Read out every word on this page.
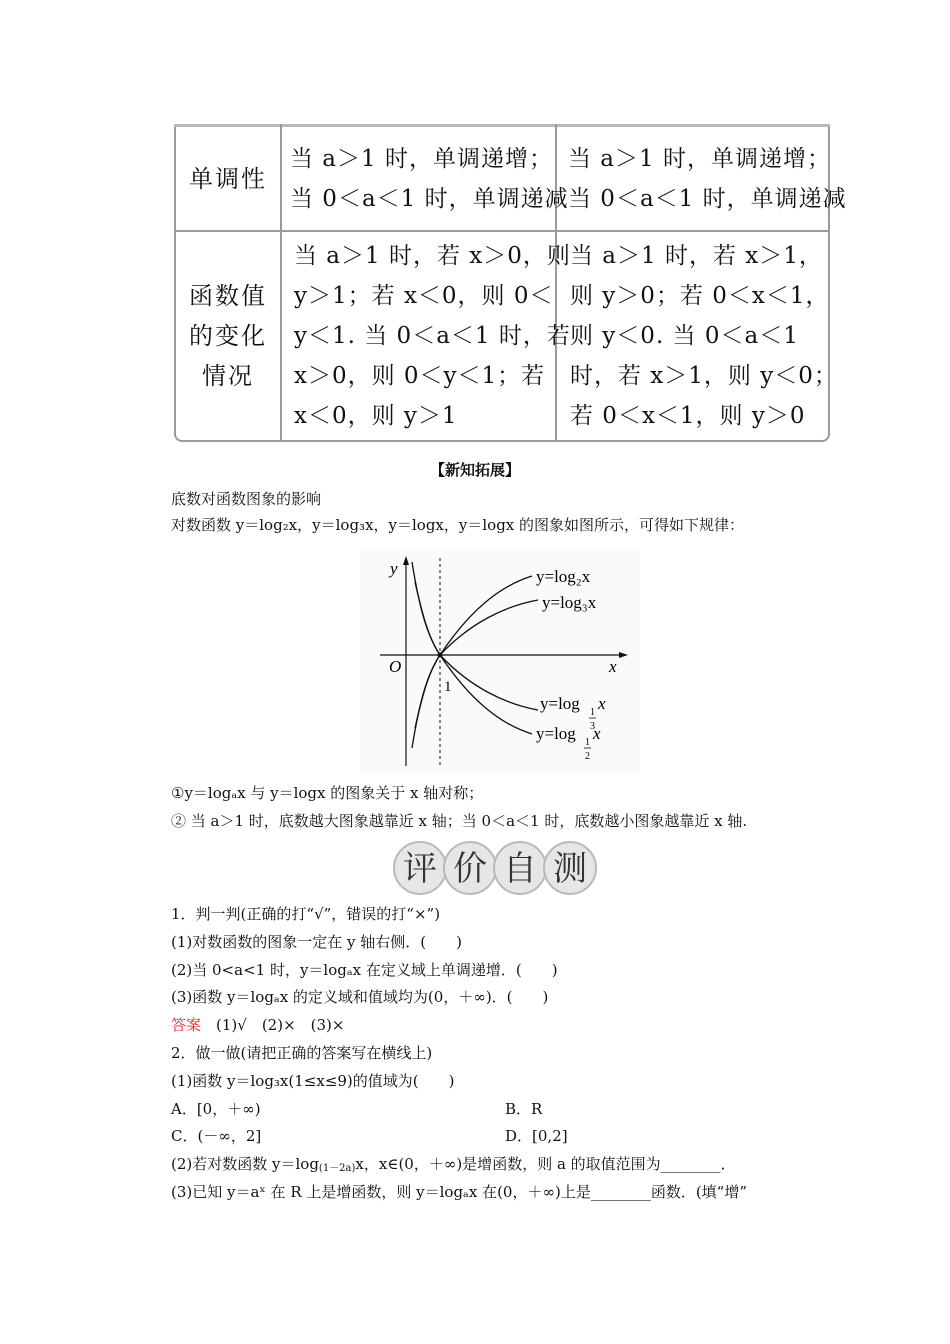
单调性
当 a＞1 时，单调递增；
当 0＜a＜1 时，单调递减
当 a＞1 时，单调递增；
当 0＜a＜1 时，单调递减
函数值
的变化
情况
当 a＞1 时，若 x＞0，则
y＞1；若 x＜0，则 0＜
y＜1. 当 0＜a＜1 时，若
x＞0，则 0＜y＜1；若
x＜0，则 y＞1
当 a＞1 时，若 x＞1，
则 y＞0；若 0＜x＜1，
则 y＜0. 当 0＜a＜1
时，若 x＞1，则 y＜0；
若 0＜x＜1，则 y＞0
【新知拓展】
底数对函数图象的影响
对数函数 y＝log₂x，y＝log₃x，y＝logx，y＝logx 的图象如图所示，可得如下规律：
y
x
O
1
y=log₂x
y=log₃x
y=log 1
3
x
y=log 1
2
x
①y＝logₐx 与 y＝logx 的图象关于 x 轴对称；
② 当 a＞1 时，底数越大图象越靠近 x 轴；当 0＜a＜1 时，底数越小图象越靠近 x 轴.
评 价 自 测
1．判一判(正确的打“√”，错误的打“×”)
(1)对数函数的图象一定在 y 轴右侧．(　　)
(2)当 0<a<1 时，y＝logₐx 在定义域上单调递增．(　　)
(3)函数 y＝logₐx 的定义域和值域均为(0，＋∞)．(　　)
答案　(1)√　(2)×　(3)×
2．做一做(请把正确的答案写在横线上)
(1)函数 y＝log₃x(1≤x≤9)的值域为(　　)
A．[0，＋∞)	B．R
C．(－∞，2]	D．[0,2]
(2)若对数函数 $y=\log_{(1-2a)}x$，x∈(0，＋∞)是增函数，则 a 的取值范围为________．
(3)已知 y＝aˣ 在 R 上是增函数，则 y＝logₐx 在(0，＋∞)上是________函数．(填“增”
